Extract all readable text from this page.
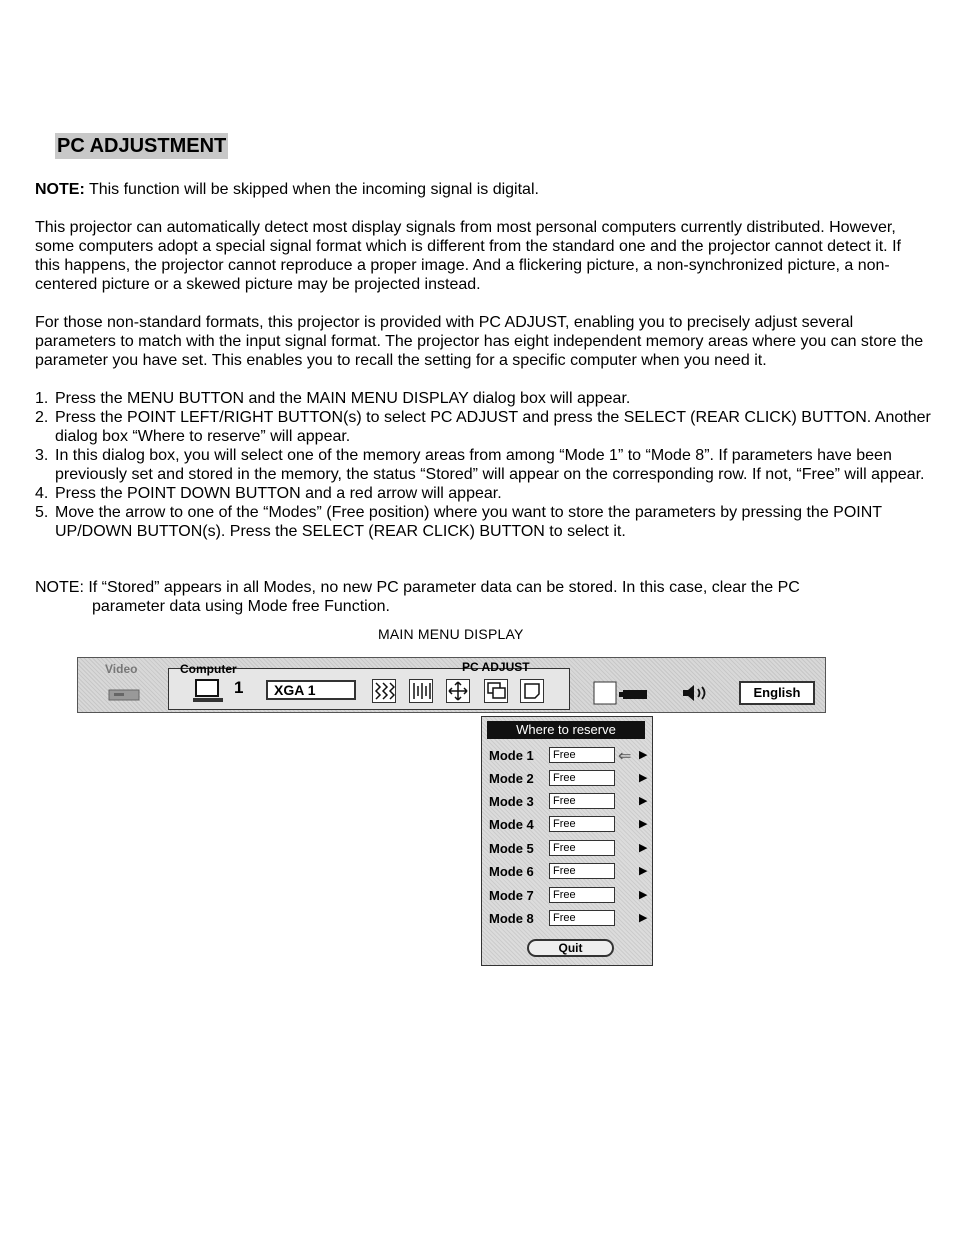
PC ADJUSTMENT

NOTE: This function will be skipped when the incoming signal is digital.

This projector can automatically detect most display signals from most personal computers currently distributed. However, some computers adopt a special signal format which is different from the standard one and the projector cannot detect it. If this happens, the projector cannot reproduce a proper image. And a flickering picture, a non-synchronized picture, a non-centered picture or a skewed picture may be projected instead.

For those non-standard formats, this projector is provided with PC ADJUST, enabling you to precisely adjust several parameters to match with the input signal format. The projector has eight independent memory areas where you can store the parameter you have set. This enables you to recall the setting for a specific computer when you need it.

1. Press the MENU BUTTON and the MAIN MENU DISPLAY dialog box will appear.
2. Press the POINT LEFT/RIGHT BUTTON(s) to select PC ADJUST and press the SELECT (REAR CLICK) BUTTON. Another dialog box “Where to reserve” will appear.
3. In this dialog box, you will select one of the memory areas from among “Mode 1” to “Mode 8”. If parameters have been previously set and stored in the memory, the status “Stored” will appear on the corresponding row. If not, “Free” will appear.
4. Press the POINT DOWN BUTTON and a red arrow will appear.
5. Move the arrow to one of the “Modes” (Free position) where you want to store the parameters by pressing the POINT UP/DOWN BUTTON(s). Press the SELECT (REAR CLICK) BUTTON to select it.
NOTE: If “Stored” appears in all Modes, no new PC parameter data can be stored. In this case, clear the PC
parameter data using Mode free Function.
MAIN MENU DISPLAY
Video	Computer	PC ADJUST
1	XGA 1	English
Where to reserve
Mode 1	Free	⇐ ▶
Mode 2	Free	▶
Mode 3	Free	▶
Mode 4	Free	▶
Mode 5	Free	▶
Mode 6	Free	▶
Mode 7	Free	▶
Mode 8	Free	▶
Quit
